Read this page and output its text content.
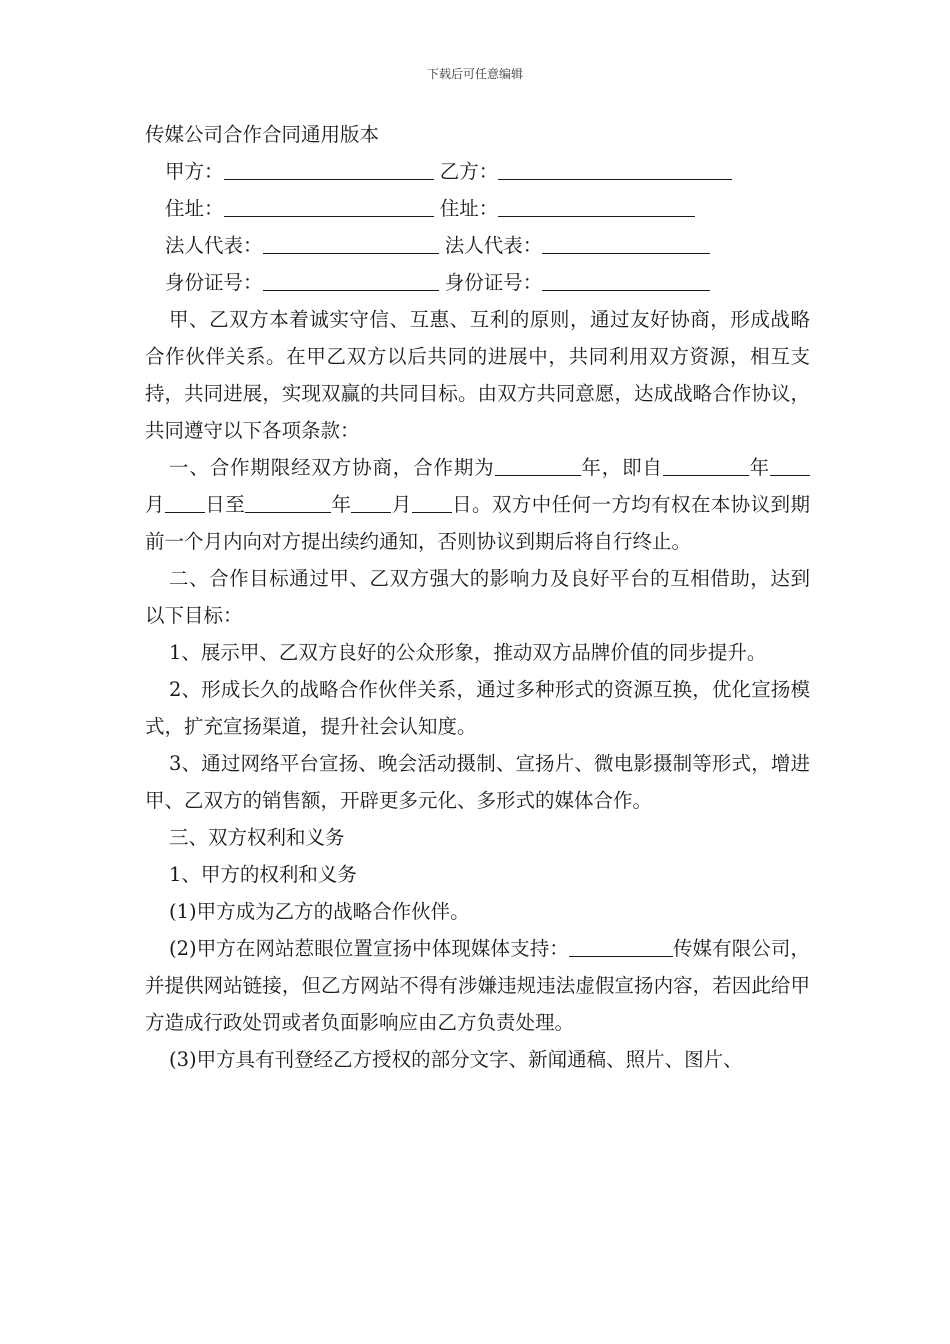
下载后可任意编辑
传媒公司合作合同通用版本
甲方：	乙方：
住址：	住址：
法人代表：	法人代表：
身份证号：	身份证号：

甲、乙双方本着诚实守信、互惠、互利的原则，通过友好协商，形成战略合作伙伴关系。在甲乙双方以后共同的进展中，共同利用双方资源，相互支持，共同进展，实现双赢的共同目标。由双方共同意愿，达成战略合作协议，共同遵守以下各项条款：

一、合作期限经双方协商，合作期为	年，即自	年月 日至	年 月 日。双方中任何一方均有权在本协议到期前一个月内向对方提出续约通知，否则协议到期后将自行终止。

二、合作目标通过甲、乙双方强大的影响力及良好平台的互相借助，达到以下目标：

1、展示甲、乙双方良好的公众形象，推动双方品牌价值的同步提升。

2、形成长久的战略合作伙伴关系，通过多种形式的资源互换，优化宣扬模式，扩充宣扬渠道，提升社会认知度。

3、通过网络平台宣扬、晚会活动摄制、宣扬片、微电影摄制等形式，增进甲、乙双方的销售额，开辟更多元化、多形式的媒体合作。

三、双方权利和义务

1、甲方的权利和义务

(1)甲方成为乙方的战略合作伙伴。

(2)甲方在网站惹眼位置宣扬中体现媒体支持：	传媒有限公司，并提供网站链接，但乙方网站不得有涉嫌违规违法虚假宣扬内容，若因此给甲方造成行政处罚或者负面影响应由乙方负责处理。

(3)甲方具有刊登经乙方授权的部分文字、新闻通稿、照片、图片、
